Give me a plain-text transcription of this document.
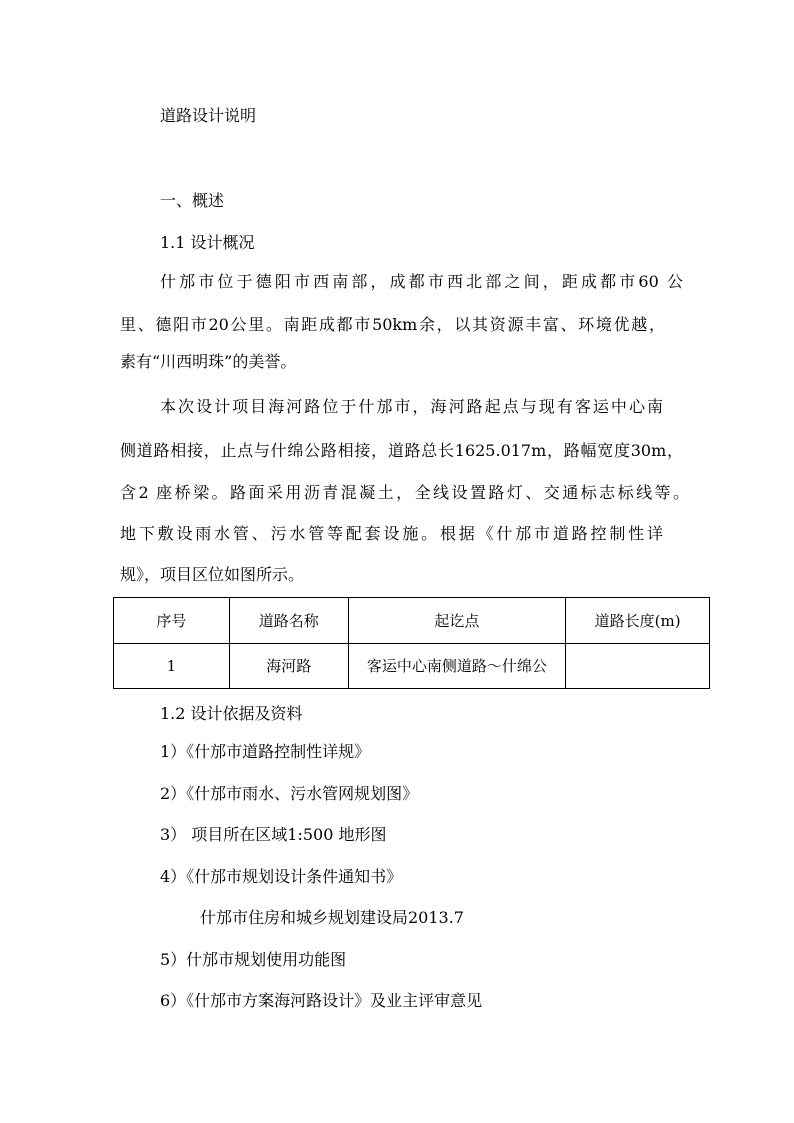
道路设计说明
一、概述
1.1 设计概况
什邡市位于德阳市西南部，成都市西北部之间，距成都市60 公
里、德阳市20公里。南距成都市50km余，以其资源丰富、环境优越，
素有“川西明珠”的美誉。
本次设计项目海河路位于什邡市，海河路起点与现有客运中心南
侧道路相接，止点与什绵公路相接，道路总长1625.017m，路幅宽度30m，
含2 座桥梁。路面采用沥青混凝土，全线设置路灯、交通标志标线等。
地下敷设雨水管、污水管等配套设施。根据《什邡市道路控制性详
规》，项目区位如图所示。
序号	道路名称	起讫点	道路长度(m)
1	海河路	客运中心南侧道路～什绵公	
1.2 设计依据及资料
1）《什邡市道路控制性详规》
2）《什邡市雨水、污水管网规划图》
3） 项目所在区域1:500 地形图
4）《什邡市规划设计条件通知书》
什邡市住房和城乡规划建设局2013.7
5）什邡市规划使用功能图
6）《什邡市方案海河路设计》及业主评审意见
